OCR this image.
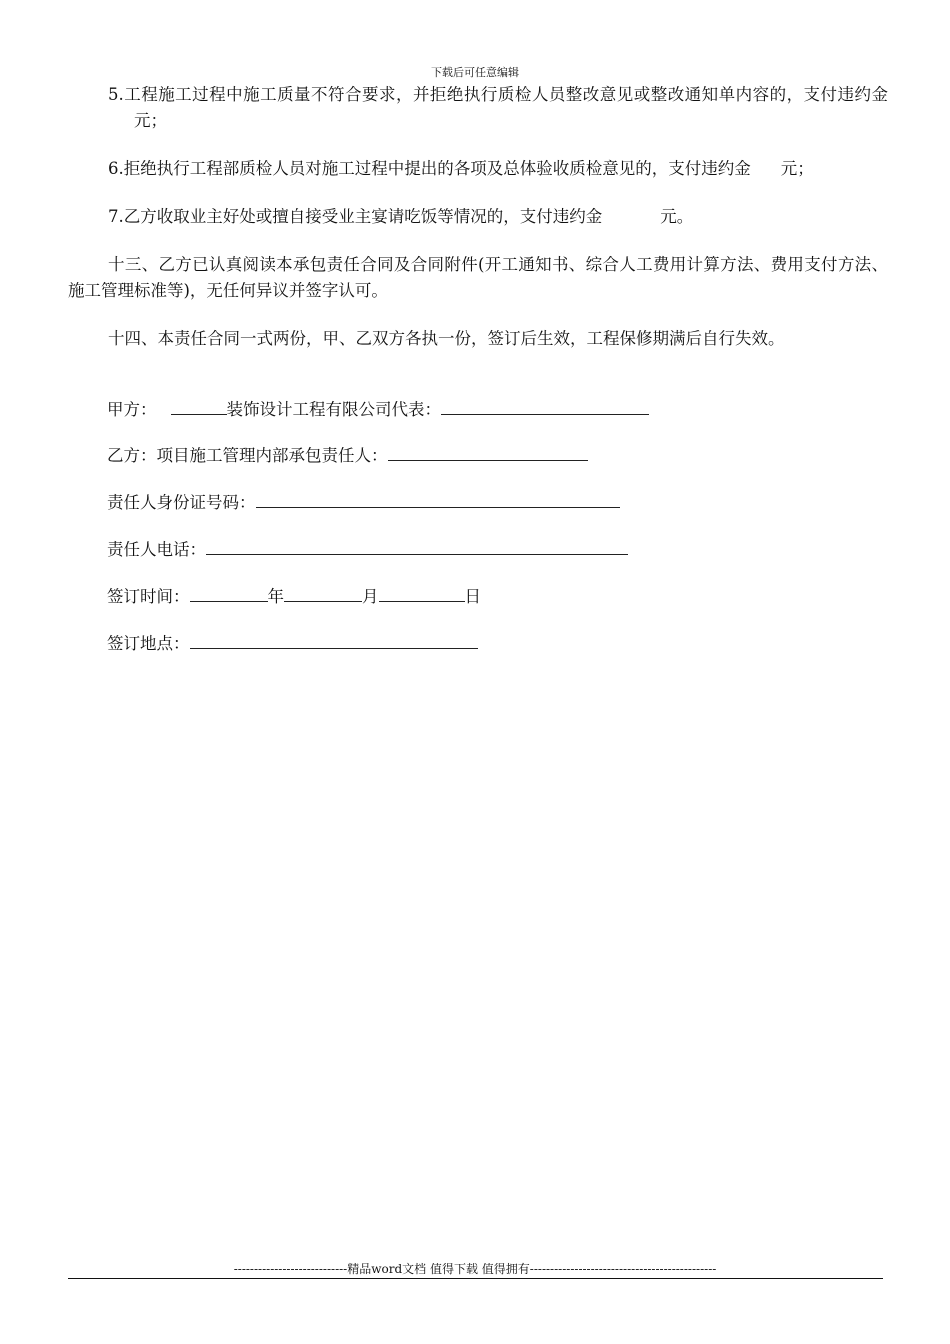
下载后可任意编辑

5.工程施工过程中施工质量不符合要求，并拒绝执行质检人员整改意见或整改通知单内容的，支付违约金元；

6.拒绝执行工程部质检人员对施工过程中提出的各项及总体验收质检意见的，支付违约金 元；

7.乙方收取业主好处或擅自接受业主宴请吃饭等情况的，支付违约金	元。

十三、乙方已认真阅读本承包责任合同及合同附件(开工通知书、综合人工费用计算方法、费用支付方法、施工管理标准等)，无任何异议并签字认可。

十四、本责任合同一式两份，甲、乙双方各执一份，签订后生效，工程保修期满后自行失效。

甲方：	装饰设计工程有限公司代表：
乙方：项目施工管理内部承包责任人：
责任人身份证号码：
责任人电话：
签订时间：	年	月	日
签订地点：
----------------------------精品word文档 值得下载 值得拥有----------------------------------------------
